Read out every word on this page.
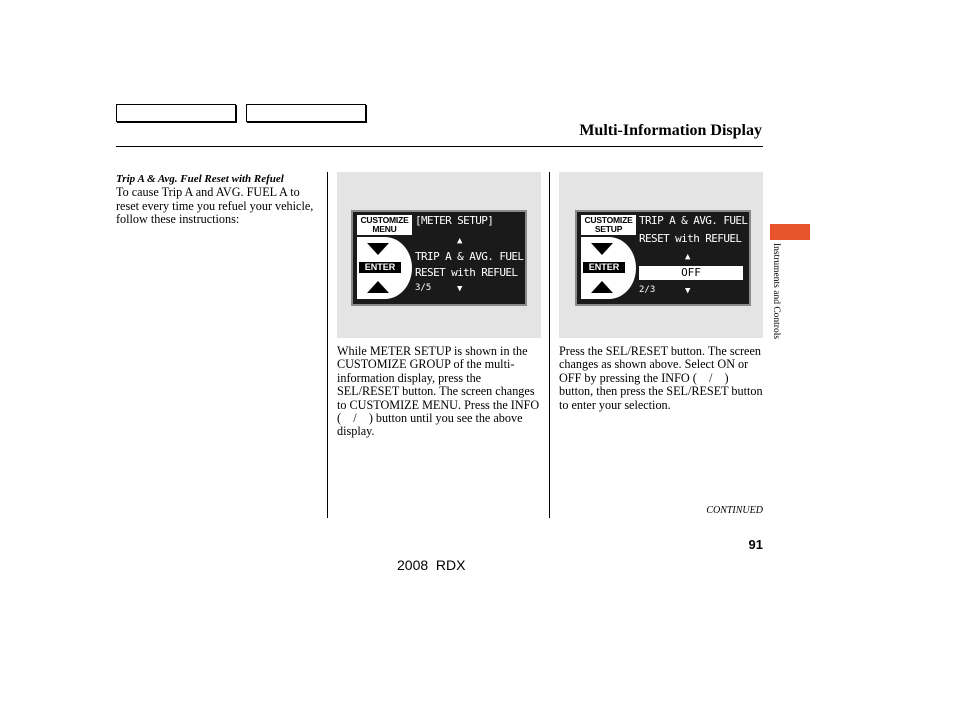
Multi-Information Display
Trip A & Avg. Fuel Reset with Refuel
To cause Trip A and AVG. FUEL A to reset every time you refuel your vehicle, follow these instructions:	CUSTOMIZE MENU
ENTER
[METER SETUP]
▲
TRIP A & AVG. FUEL
RESET with REFUEL
3/5	▼
CUSTOMIZE SETUP
ENTER
TRIP A & AVG. FUEL
RESET with REFUEL
▲
OFF
2/3	▼
While METER SETUP is shown in the CUSTOMIZE GROUP of the multi-information display, press the SEL/RESET button. The screen changes to CUSTOMIZE MENU. Press the INFO ( / ) button until you see the above display.
Press the SEL/RESET button. The screen changes as shown above. Select ON or OFF by pressing the INFO ( / ) button, then press the SEL/RESET button to enter your selection.
Instruments and Controls
CONTINUED
91
2008  RDX
